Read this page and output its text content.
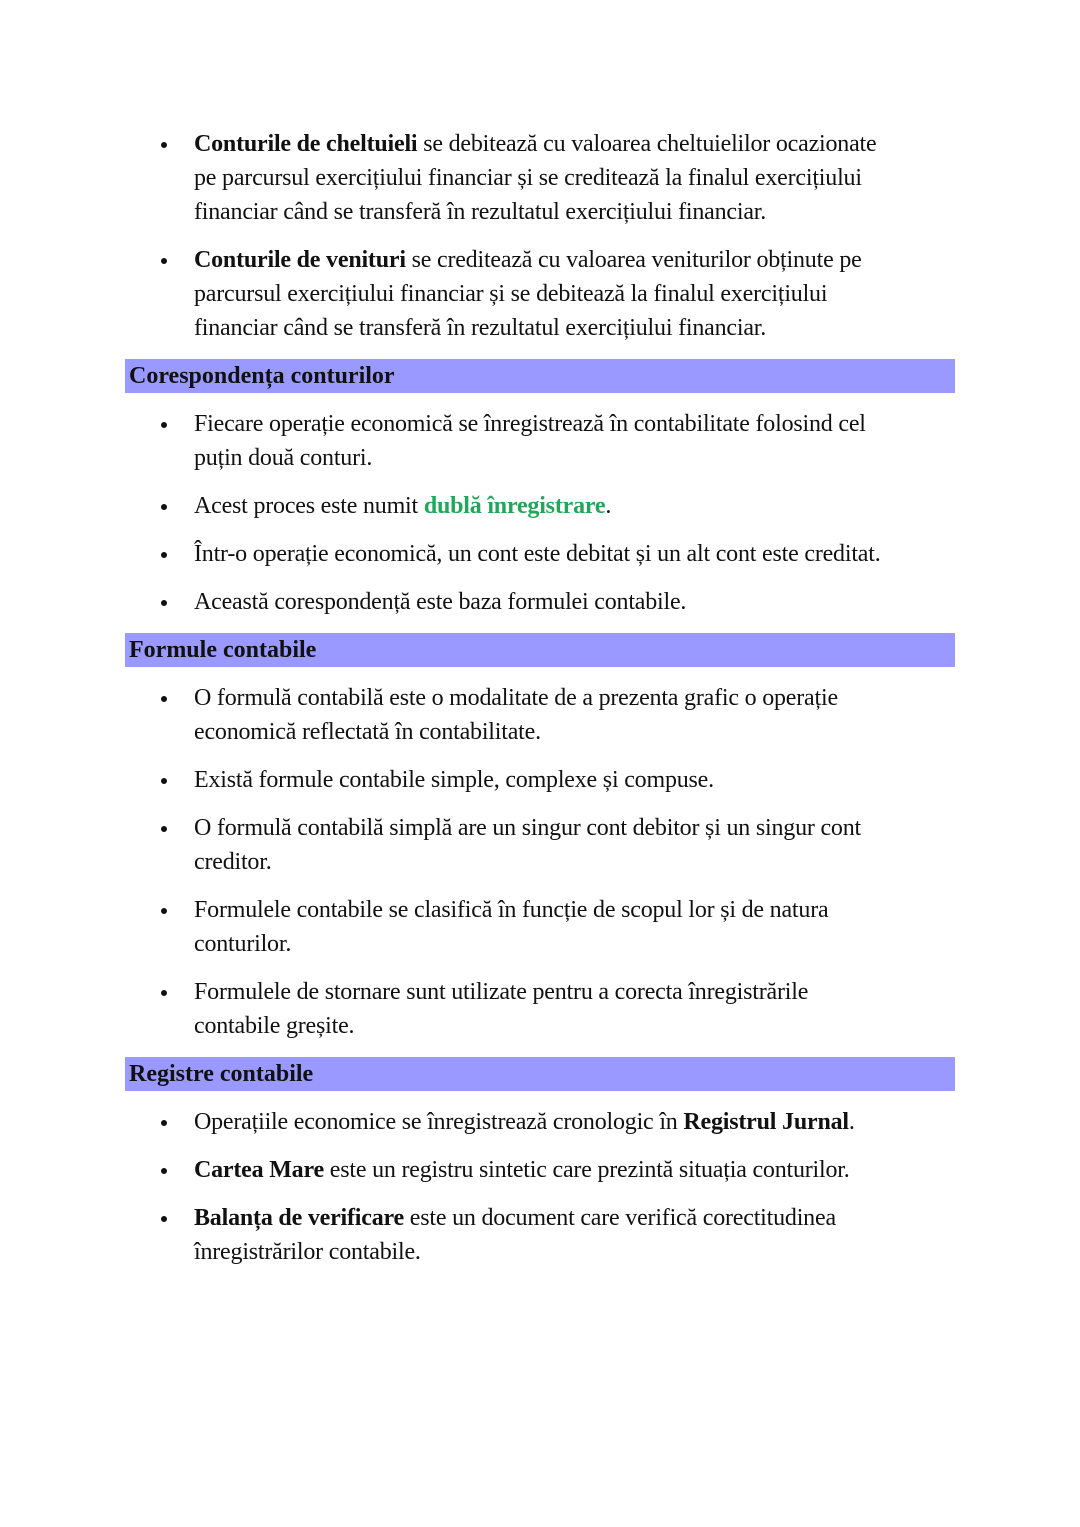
Conturile de cheltuieli se debitează cu valoarea cheltuielilor ocazionate
pe parcursul exercițiului financiar și se creditează la finalul exercițiului
financiar când se transferă în rezultatul exercițiului financiar.
Conturile de venituri se creditează cu valoarea veniturilor obținute pe
parcursul exercițiului financiar și se debitează la finalul exercițiului
financiar când se transferă în rezultatul exercițiului financiar.
Corespondența conturilor
Fiecare operație economică se înregistrează în contabilitate folosind cel
puțin două conturi.
Acest proces este numit dublă înregistrare.
Într-o operație economică, un cont este debitat și un alt cont este creditat.
Această corespondență este baza formulei contabile.
Formule contabile
O formulă contabilă este o modalitate de a prezenta grafic o operație
economică reflectată în contabilitate.
Există formule contabile simple, complexe și compuse.
O formulă contabilă simplă are un singur cont debitor și un singur cont
creditor.
Formulele contabile se clasifică în funcție de scopul lor și de natura
conturilor.
Formulele de stornare sunt utilizate pentru a corecta înregistrările
contabile greșite.
Registre contabile
Operațiile economice se înregistrează cronologic în Registrul Jurnal.
Cartea Mare este un registru sintetic care prezintă situația conturilor.
Balanța de verificare este un document care verifică corectitudinea
înregistrărilor contabile.
